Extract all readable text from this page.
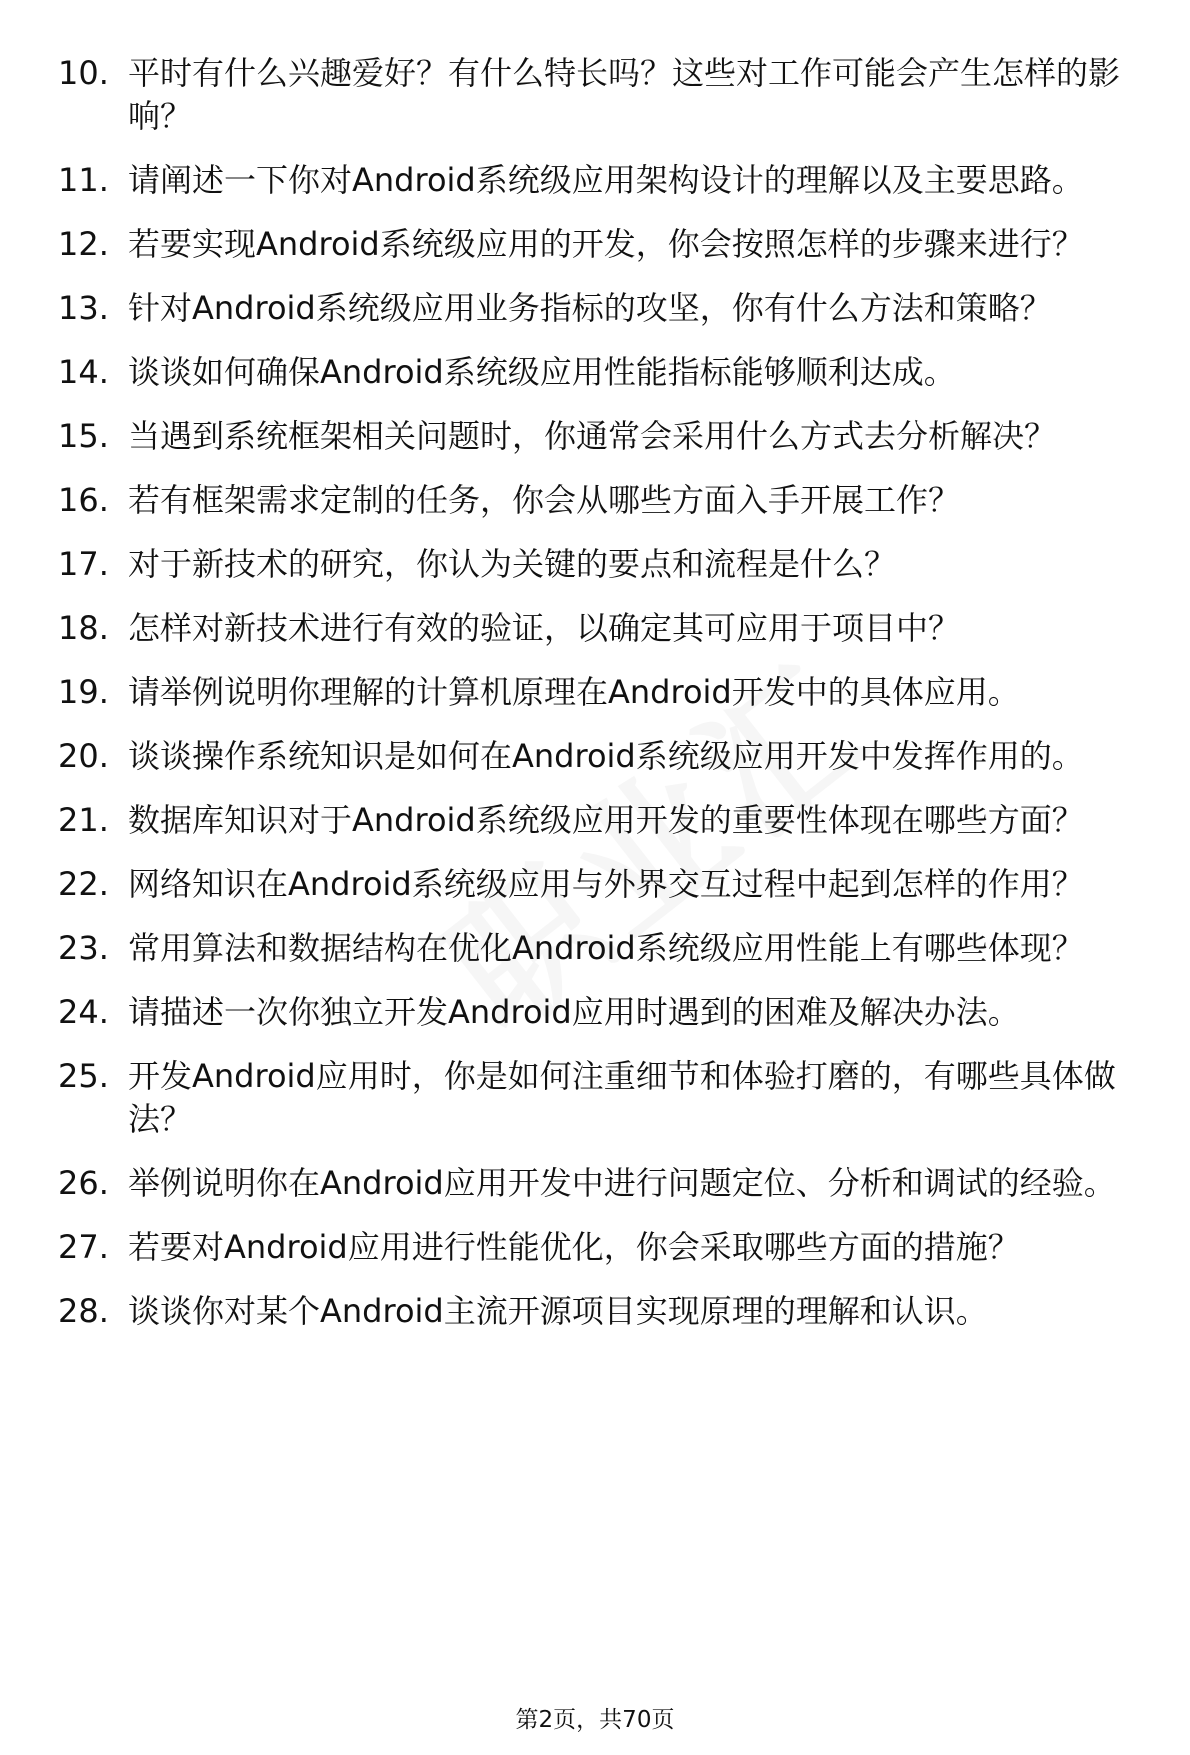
10. 平时有什么兴趣爱好？有什么特长吗？这些对工作可能会产生怎样的影响？
11. 请阐述一下你对Android系统级应用架构设计的理解以及主要思路。
12. 若要实现Android系统级应用的开发，你会按照怎样的步骤来进行？
13. 针对Android系统级应用业务指标的攻坚，你有什么方法和策略？
14. 谈谈如何确保Android系统级应用性能指标能够顺利达成。
15. 当遇到系统框架相关问题时，你通常会采用什么方式去分析解决？
16. 若有框架需求定制的任务，你会从哪些方面入手开展工作？
17. 对于新技术的研究，你认为关键的要点和流程是什么？
18. 怎样对新技术进行有效的验证，以确定其可应用于项目中？
19. 请举例说明你理解的计算机原理在Android开发中的具体应用。
20. 谈谈操作系统知识是如何在Android系统级应用开发中发挥作用的。
21. 数据库知识对于Android系统级应用开发的重要性体现在哪些方面？
22. 网络知识在Android系统级应用与外界交互过程中起到怎样的作用？
23. 常用算法和数据结构在优化Android系统级应用性能上有哪些体现？
24. 请描述一次你独立开发Android应用时遇到的困难及解决办法。
25. 开发Android应用时，你是如何注重细节和体验打磨的，有哪些具体做法？
26. 举例说明你在Android应用开发中进行问题定位、分析和调试的经验。
27. 若要对Android应用进行性能优化，你会采取哪些方面的措施？
28. 谈谈你对某个Android主流开源项目实现原理的理解和认识。
第2页，共70页
